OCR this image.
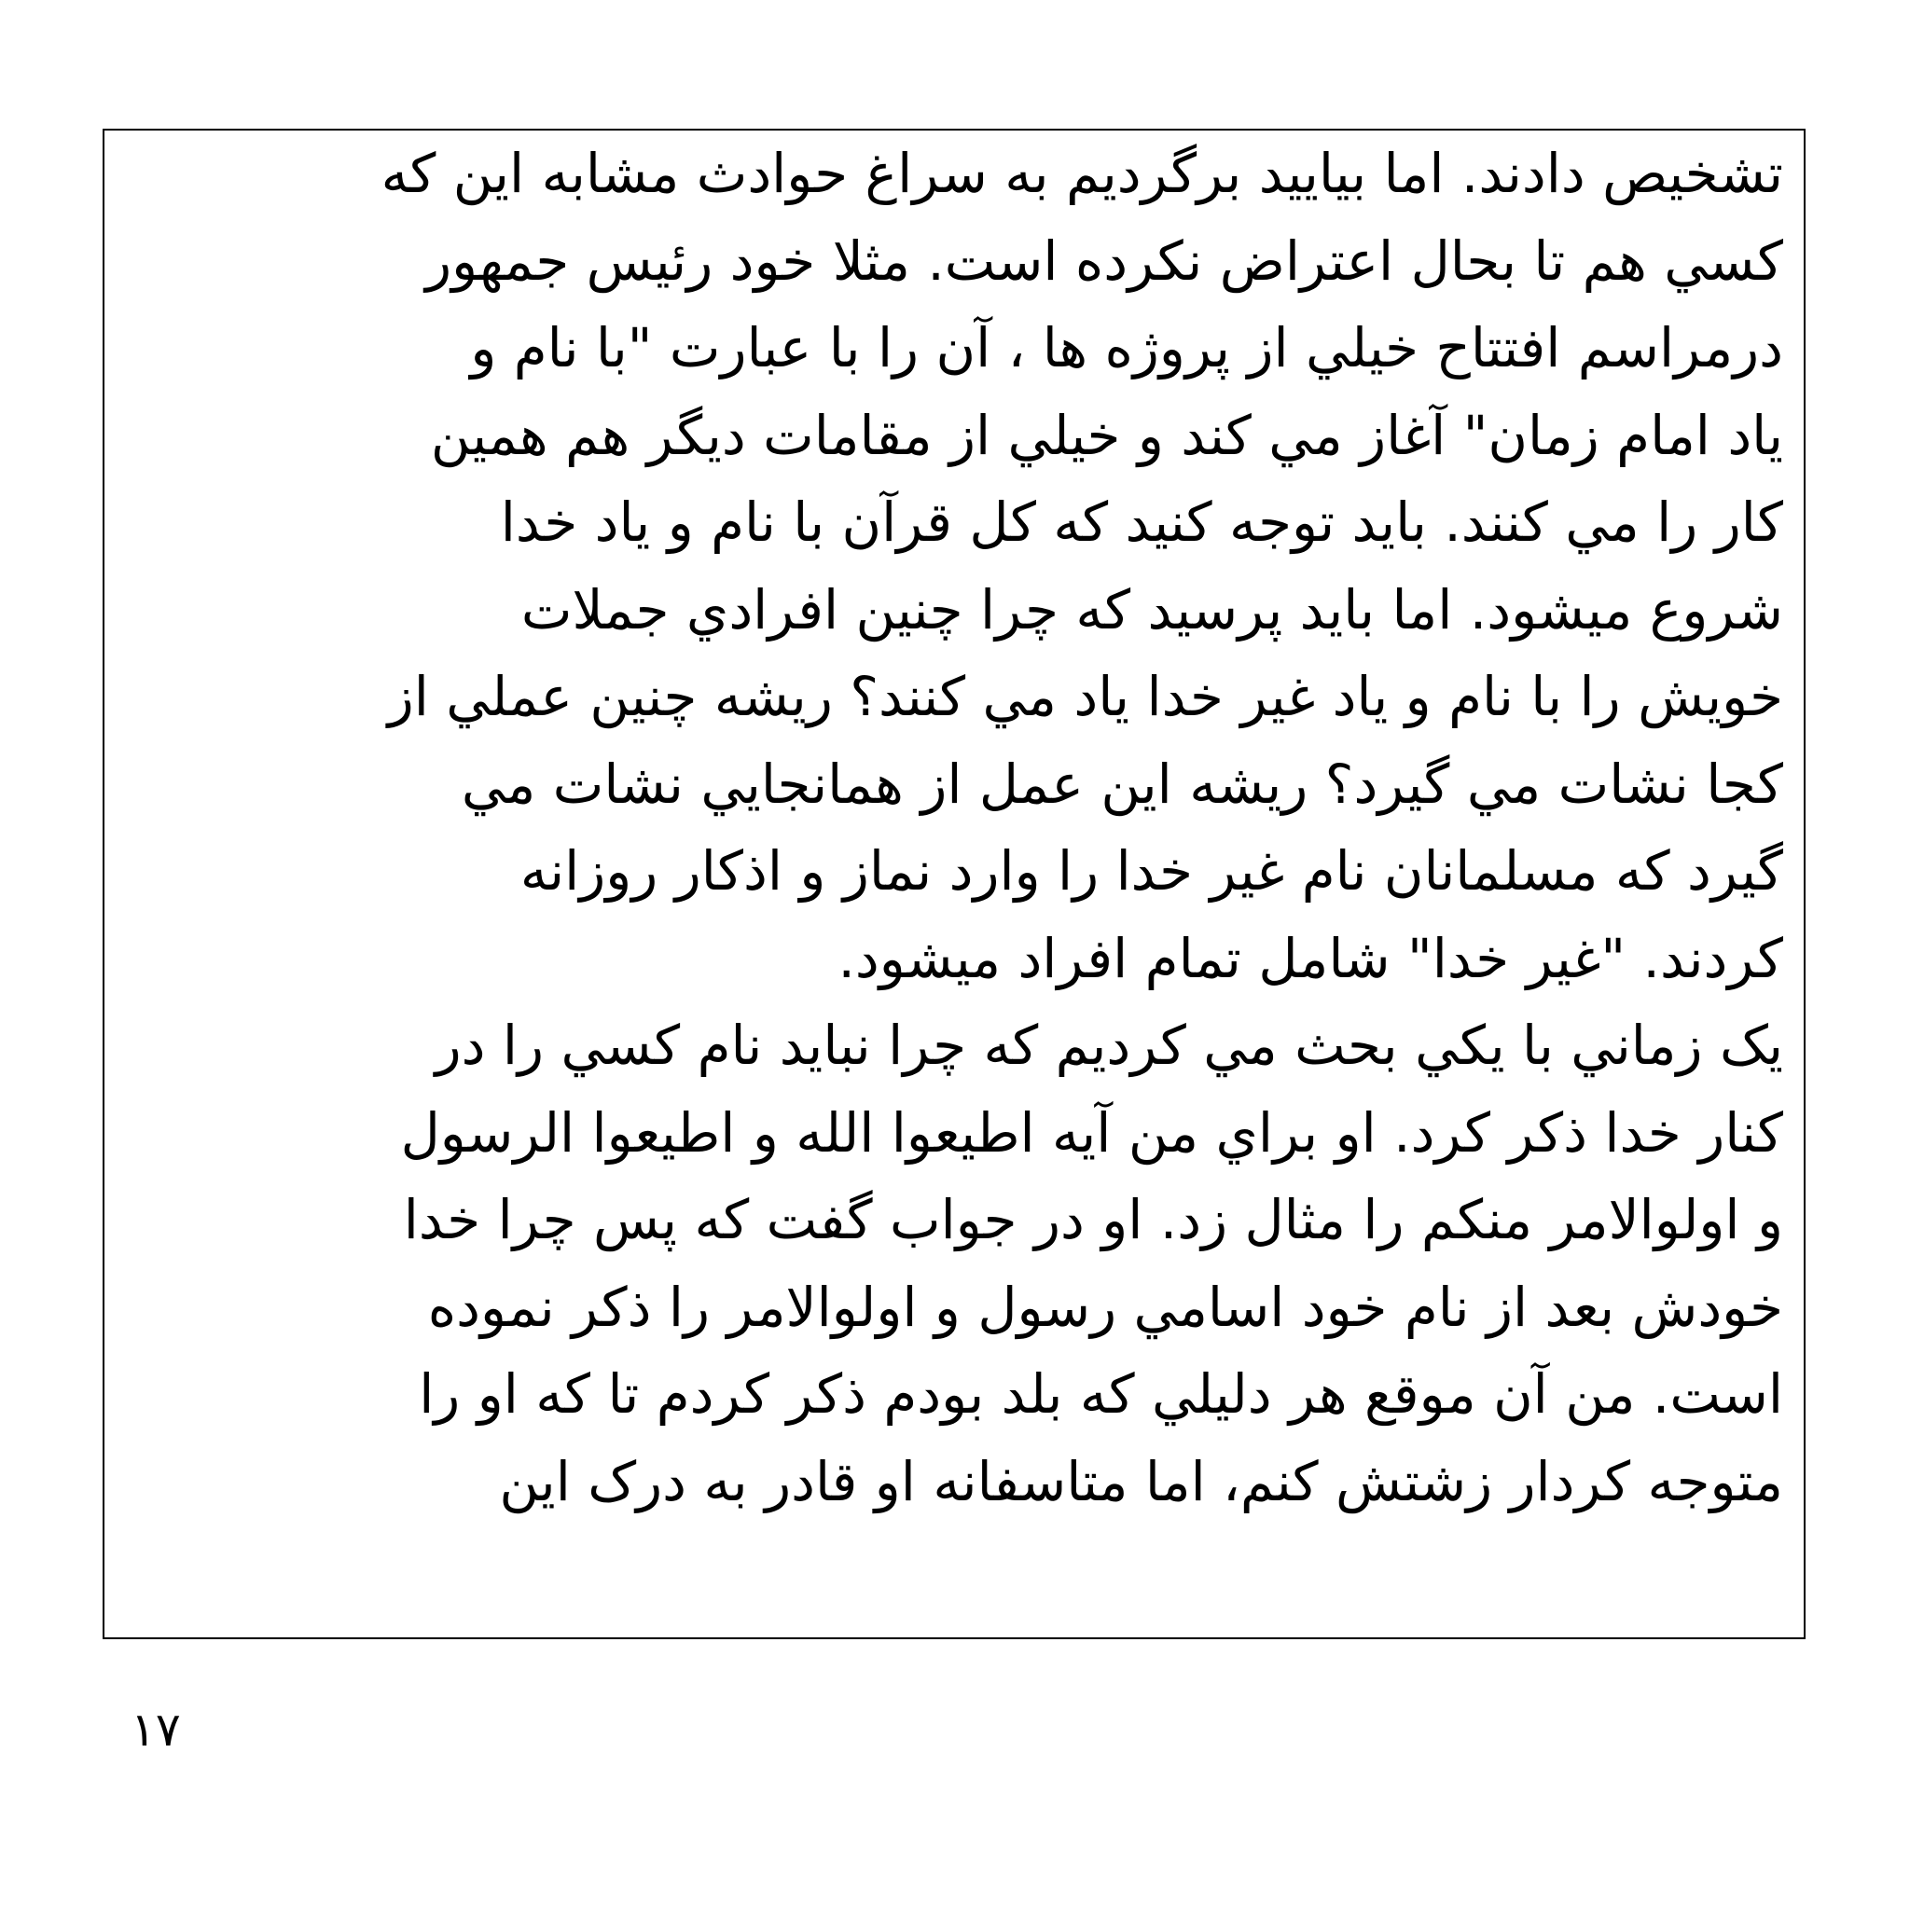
تشخيص دادند. اما بياييد برگرديم به سراغ حوادث مشابه اين که
کسي هم تا بحال اعتراض نکرده است. مثلا خود رئيس جمهور
درمراسم افتتاح خيلي از پروژه ها ، آن را با عبارت "با نام و
ياد امام زمان" آغاز مي کند و خيلي از مقامات ديگر هم همين
کار را مي کنند. بايد توجه کنيد که کل قرآن با نام و ياد خدا
شروع ميشود. اما بايد پرسيد که چرا چنين افرادي جملات
خويش را با نام و ياد غير خدا ياد مي کنند؟ ريشه چنين عملي از
کجا نشات مي گيرد؟ ريشه اين عمل از همانجايي نشات مي
گيرد که مسلمانان نام غير خدا را وارد نماز و اذکار روزانه
کردند. "غير خدا" شامل تمام افراد ميشود.
يک زماني با يکي بحث مي کرديم که چرا نبايد نام کسي را در
کنار خدا ذکر کرد. او براي من آيه اطيعوا الله و اطيعوا الرسول
و اولوالامر منکم را مثال زد. او در جواب گفت که پس چرا خدا
خودش بعد از نام خود اسامي رسول و اولوالامر را ذکر نموده
است. من آن موقع هر دليلي که بلد بودم ذکر کردم تا که او را
متوجه کردار زشتش کنم، اما متاسفانه او قادر به درک اين
١٧
